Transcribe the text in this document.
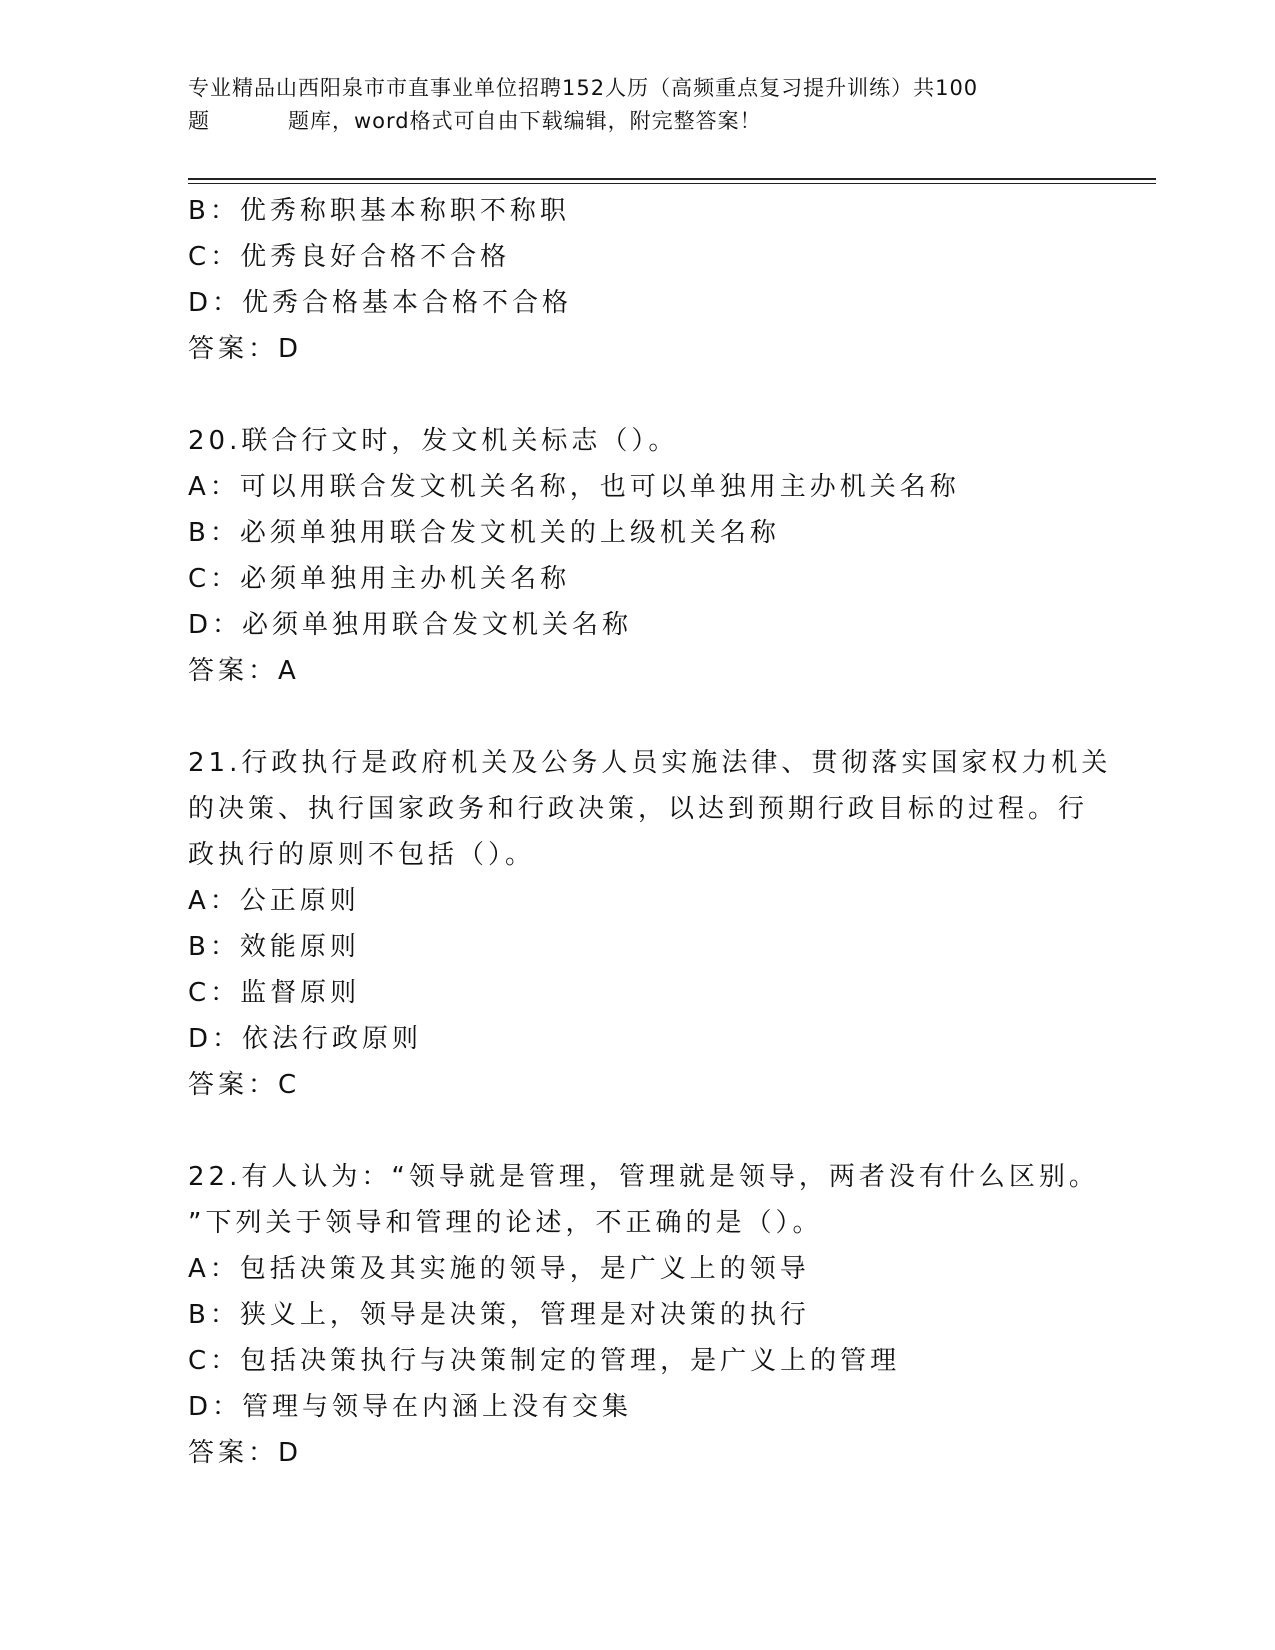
专业精品山西阳泉市市直事业单位招聘152人历（高频重点复习提升训练）共100
题	题库，word格式可自由下载编辑，附完整答案！
B：优秀称职基本称职不称职
C：优秀良好合格不合格
D：优秀合格基本合格不合格
答案：D
20.联合行文时，发文机关标志（）。
A：可以用联合发文机关名称，也可以单独用主办机关名称
B：必须单独用联合发文机关的上级机关名称
C：必须单独用主办机关名称
D：必须单独用联合发文机关名称
答案：A
21.行政执行是政府机关及公务人员实施法律、贯彻落实国家权力机关
的决策、执行国家政务和行政决策，以达到预期行政目标的过程。行
政执行的原则不包括（）。
A：公正原则
B：效能原则
C：监督原则
D：依法行政原则
答案：C
22.有人认为：“领导就是管理，管理就是领导，两者没有什么区别。
”下列关于领导和管理的论述，不正确的是（）。
A：包括决策及其实施的领导，是广义上的领导
B：狭义上，领导是决策，管理是对决策的执行
C：包括决策执行与决策制定的管理，是广义上的管理
D：管理与领导在内涵上没有交集
答案：D
